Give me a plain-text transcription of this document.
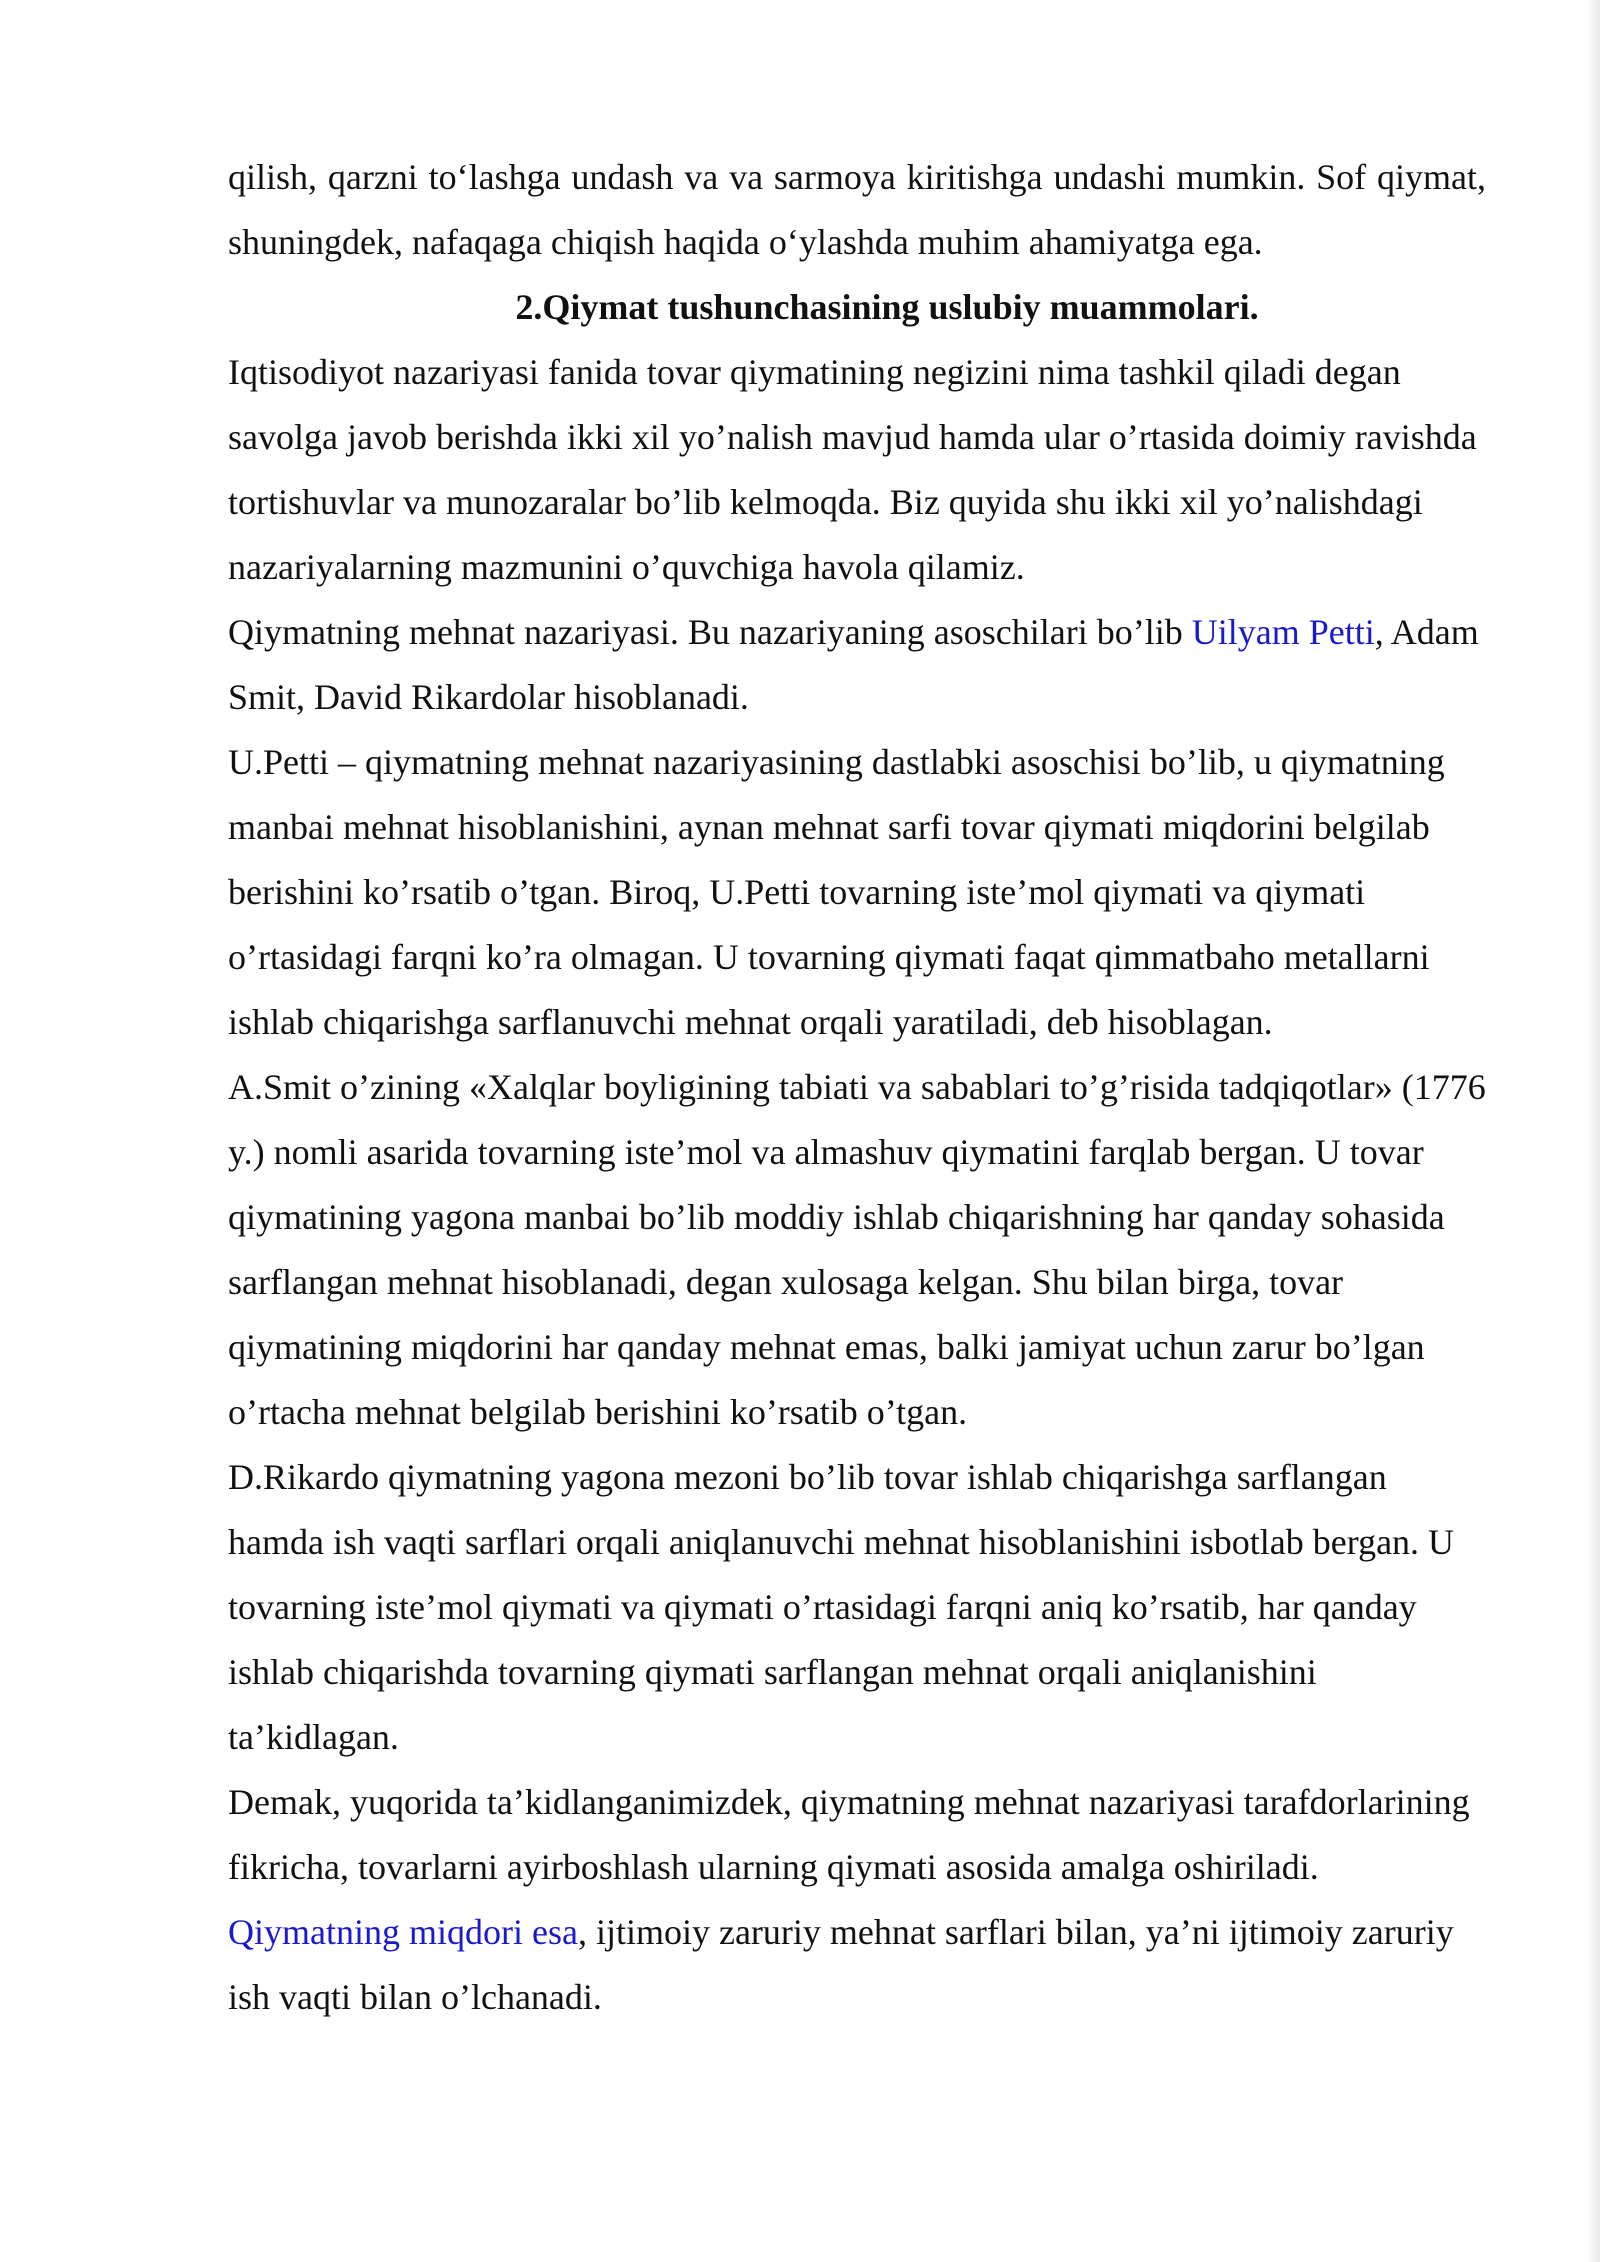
qilish, qarzni to‘lashga undash va va sarmoya kiritishga undashi mumkin. Sof qiymat, shuningdek, nafaqaga chiqish haqida o‘ylashda muhim ahamiyatga ega.

2.Qiymat tushunchasining uslubiy muammolari.

Iqtisodiyot nazariyasi fanida tovar qiymatining negizini nima tashkil qiladi degan savolga javob berishda ikki xil yo’nalish mavjud hamda ular o’rtasida doimiy ravishda tortishuvlar va munozaralar bo’lib kelmoqda. Biz quyida shu ikki xil yo’nalishdagi nazariyalarning mazmunini o’quvchiga havola qilamiz.

Qiymatning mehnat nazariyasi. Bu nazariyaning asoschilari bo’lib Uilyam Petti, Adam Smit, David Rikardolar hisoblanadi.

U.Petti – qiymatning mehnat nazariyasining dastlabki asoschisi bo’lib, u qiymatning manbai mehnat hisoblanishini, aynan mehnat sarfi tovar qiymati miqdorini belgilab berishini ko’rsatib o’tgan. Biroq, U.Petti tovarning iste’mol qiymati va qiymati o’rtasidagi farqni ko’ra olmagan. U tovarning qiymati faqat qimmatbaho metallarni ishlab chiqarishga sarflanuvchi mehnat orqali yaratiladi, deb hisoblagan.

A.Smit o’zining «Xalqlar boyligining tabiati va sabablari to’g’risida tadqiqotlar» (1776 y.) nomli asarida tovarning iste’mol va almashuv qiymatini farqlab bergan. U tovar qiymatining yagona manbai bo’lib moddiy ishlab chiqarishning har qanday sohasida sarflangan mehnat hisoblanadi, degan xulosaga kelgan. Shu bilan birga, tovar qiymatining miqdorini har qanday mehnat emas, balki jamiyat uchun zarur bo’lgan o’rtacha mehnat belgilab berishini ko’rsatib o’tgan.

D.Rikardo qiymatning yagona mezoni bo’lib tovar ishlab chiqarishga sarflangan hamda ish vaqti sarflari orqali aniqlanuvchi mehnat hisoblanishini isbotlab bergan. U tovarning iste’mol qiymati va qiymati o’rtasidagi farqni aniq ko’rsatib, har qanday ishlab chiqarishda tovarning qiymati sarflangan mehnat orqali aniqlanishini ta’kidlagan.

Demak, yuqorida ta’kidlanganimizdek, qiymatning mehnat nazariyasi tarafdorlarining fikricha, tovarlarni ayirboshlash ularning qiymati asosida amalga oshiriladi. Qiymatning miqdori esa, ijtimoiy zaruriy mehnat sarflari bilan, ya’ni ijtimoiy zaruriy ish vaqti bilan o’lchanadi.
